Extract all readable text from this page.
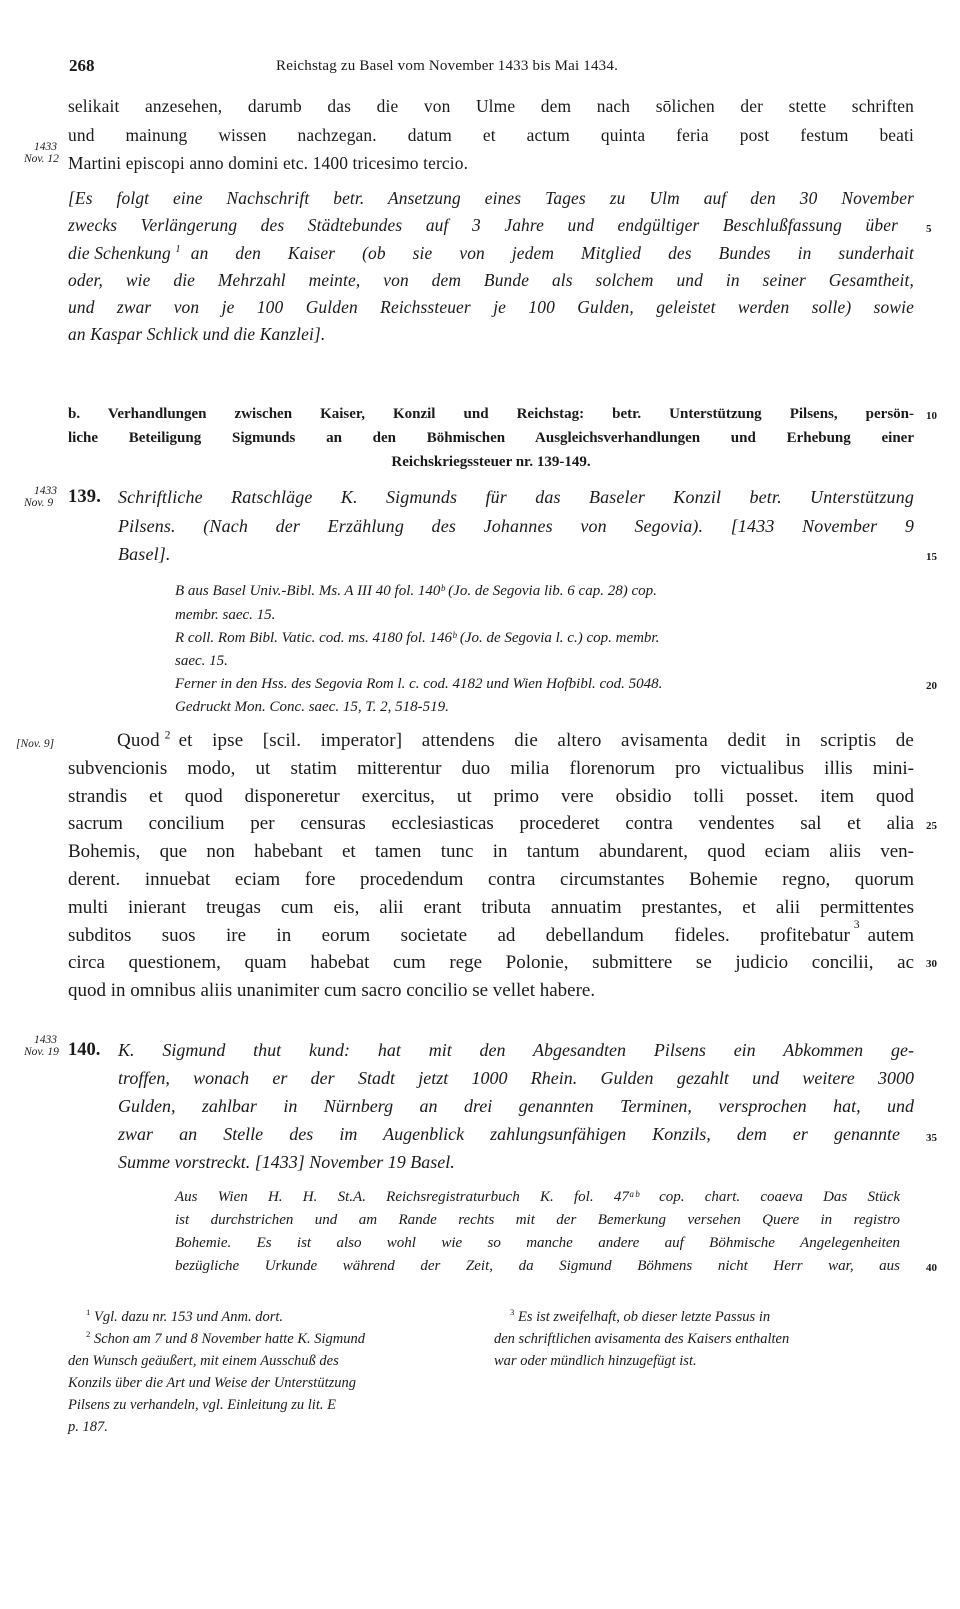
268	Reichstag zu Basel vom November 1433 bis Mai 1434.
selikait anzesehen, darumb das die von Ulme dem nach sōlichen der stette schriften
und mainung wissen nachzegan. datum et actum quinta feria post festum beati
Martini episcopi anno domini etc. 1400 tricesimo tercio.
1433
Nov. 12
[Es folgt eine Nachschrift betr. Ansetzung eines Tages zu Ulm auf den 30 November
zwecks Verlängerung des Städtebundes auf 3 Jahre und endgültiger Beschlußfassung über
die Schenkung $^1$ an den Kaiser (ob sie von jedem Mitglied des Bundes in sunderhait
oder, wie die Mehrzahl meinte, von dem Bunde als solchem und in seiner Gesamtheit,
und zwar von je 100 Gulden Reichssteuer je 100 Gulden, geleistet werden solle) sowie
an Kaspar Schlick und die Kanzlei].
5
b. Verhandlungen zwischen Kaiser, Konzil und Reichstag: betr. Unterstützung Pilsens, persön-
liche Beteiligung Sigmunds an den Böhmischen Ausgleichsverhandlungen und Erhebung einer
Reichskriegssteuer nr. 139-149.
10
1433
Nov. 9 139. Schriftliche Ratschläge K. Sigmunds für das Baseler Konzil betr. Unterstützung
Pilsens. (Nach der Erzählung des Johannes von Segovia). [1433 November 9
Basel].	15
B aus Basel Univ.-Bibl. Ms. A III 40 fol. 140ᵇ (Jo. de Segovia lib. 6 cap. 28) cop.
membr. saec. 15.
R coll. Rom Bibl. Vatic. cod. ms. 4180 fol. 146ᵇ (Jo. de Segovia l. c.) cop. membr.
saec. 15.
Ferner in den Hss. des Segovia Rom l. c. cod. 4182 und Wien Hofbibl. cod. 5048.
Gedruckt Mon. Conc. saec. 15, T. 2, 518-519.
20
[Nov. 9]	Quod $^2$ et ipse [scil. imperator] attendens die altero avisamenta dedit in scriptis de
subvencionis modo, ut statim mitterentur duo milia florenorum pro victualibus illis mini-
strandis et quod disponeretur exercitus, ut primo vere obsidio tolli posset. item quod
sacrum concilium per censuras ecclesiasticas procederet contra vendentes sal et alia
Bohemis, que non habebant et tamen tunc in tantum abundarent, quod eciam aliis ven-
derent. innuebat eciam fore procedendum contra circumstantes Bohemie regno, quorum
multi inierant treugas cum eis, alii erant tributa annuatim prestantes, et alii permittentes
subditos suos ire in eorum societate ad debellandum fideles. profitebatur 3 autem
circa questionem, quam habebat cum rege Polonie, submittere se judicio concilii, ac
quod in omnibus aliis unanimiter cum sacro concilio se vellet habere.
25
30
1433
Nov. 19 140. K. Sigmund thut kund: hat mit den Abgesandten Pilsens ein Abkommen ge-
troffen, wonach er der Stadt jetzt 1000 Rhein. Gulden gezahlt und weitere 3000
Gulden, zahlbar in Nürnberg an drei genannten Terminen, versprochen hat, und
zwar an Stelle des im Augenblick zahlungsunfähigen Konzils, dem er genannte
Summe vorstreckt. [1433] November 19 Basel.
35
Aus Wien H. H. St.A. Reichsregistraturbuch K. fol. 47ᵃᵇ cop. chart. coaeva Das Stück
ist durchstrichen und am Rande rechts mit der Bemerkung versehen Quere in registro
Bohemie. Es ist also wohl wie so manche andere auf Böhmische Angelegenheiten
bezügliche Urkunde während der Zeit, da Sigmund Böhmens nicht Herr war, aus 40
$^1$ Vgl. dazu nr. 153 und Anm. dort.
$^2$ Schon am 7 und 8 November hatte K. Sigmund
den Wunsch geäußert, mit einem Ausschuß des
Konzils über die Art und Weise der Unterstützung
Pilsens zu verhandeln, vgl. Einleitung zu lit. E
p. 187.
$^3$ Es ist zweifelhaft, ob dieser letzte Passus in
den schriftlichen avisamenta des Kaisers enthalten
war oder mündlich hinzugefügt ist.
